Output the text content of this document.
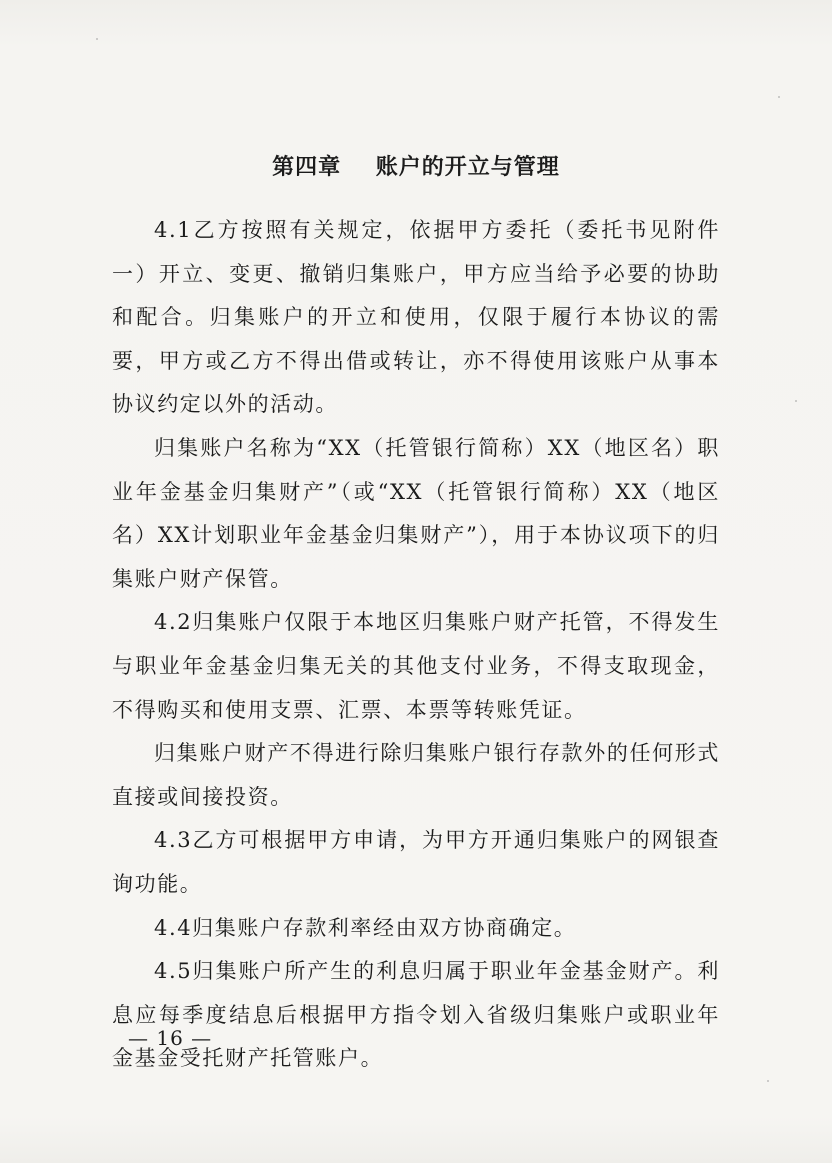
第四章    账户的开立与管理

4.1乙方按照有关规定，依据甲方委托（委托书见附件一）开立、变更、撤销归集账户，甲方应当给予必要的协助和配合。归集账户的开立和使用，仅限于履行本协议的需要，甲方或乙方不得出借或转让，亦不得使用该账户从事本协议约定以外的活动。

归集账户名称为“XX（托管银行简称）XX（地区名）职业年金基金归集财产”（或“XX（托管银行简称）XX（地区名）XX计划职业年金基金归集财产”），用于本协议项下的归集账户财产保管。

4.2归集账户仅限于本地区归集账户财产托管，不得发生与职业年金基金归集无关的其他支付业务，不得支取现金，不得购买和使用支票、汇票、本票等转账凭证。

归集账户财产不得进行除归集账户银行存款外的任何形式直接或间接投资。

4.3乙方可根据甲方申请，为甲方开通归集账户的网银查询功能。

4.4归集账户存款利率经由双方协商确定。

4.5归集账户所产生的利息归属于职业年金基金财产。利息应每季度结息后根据甲方指令划入省级归集账户或职业年金基金受托财产托管账户。

— 16 —
